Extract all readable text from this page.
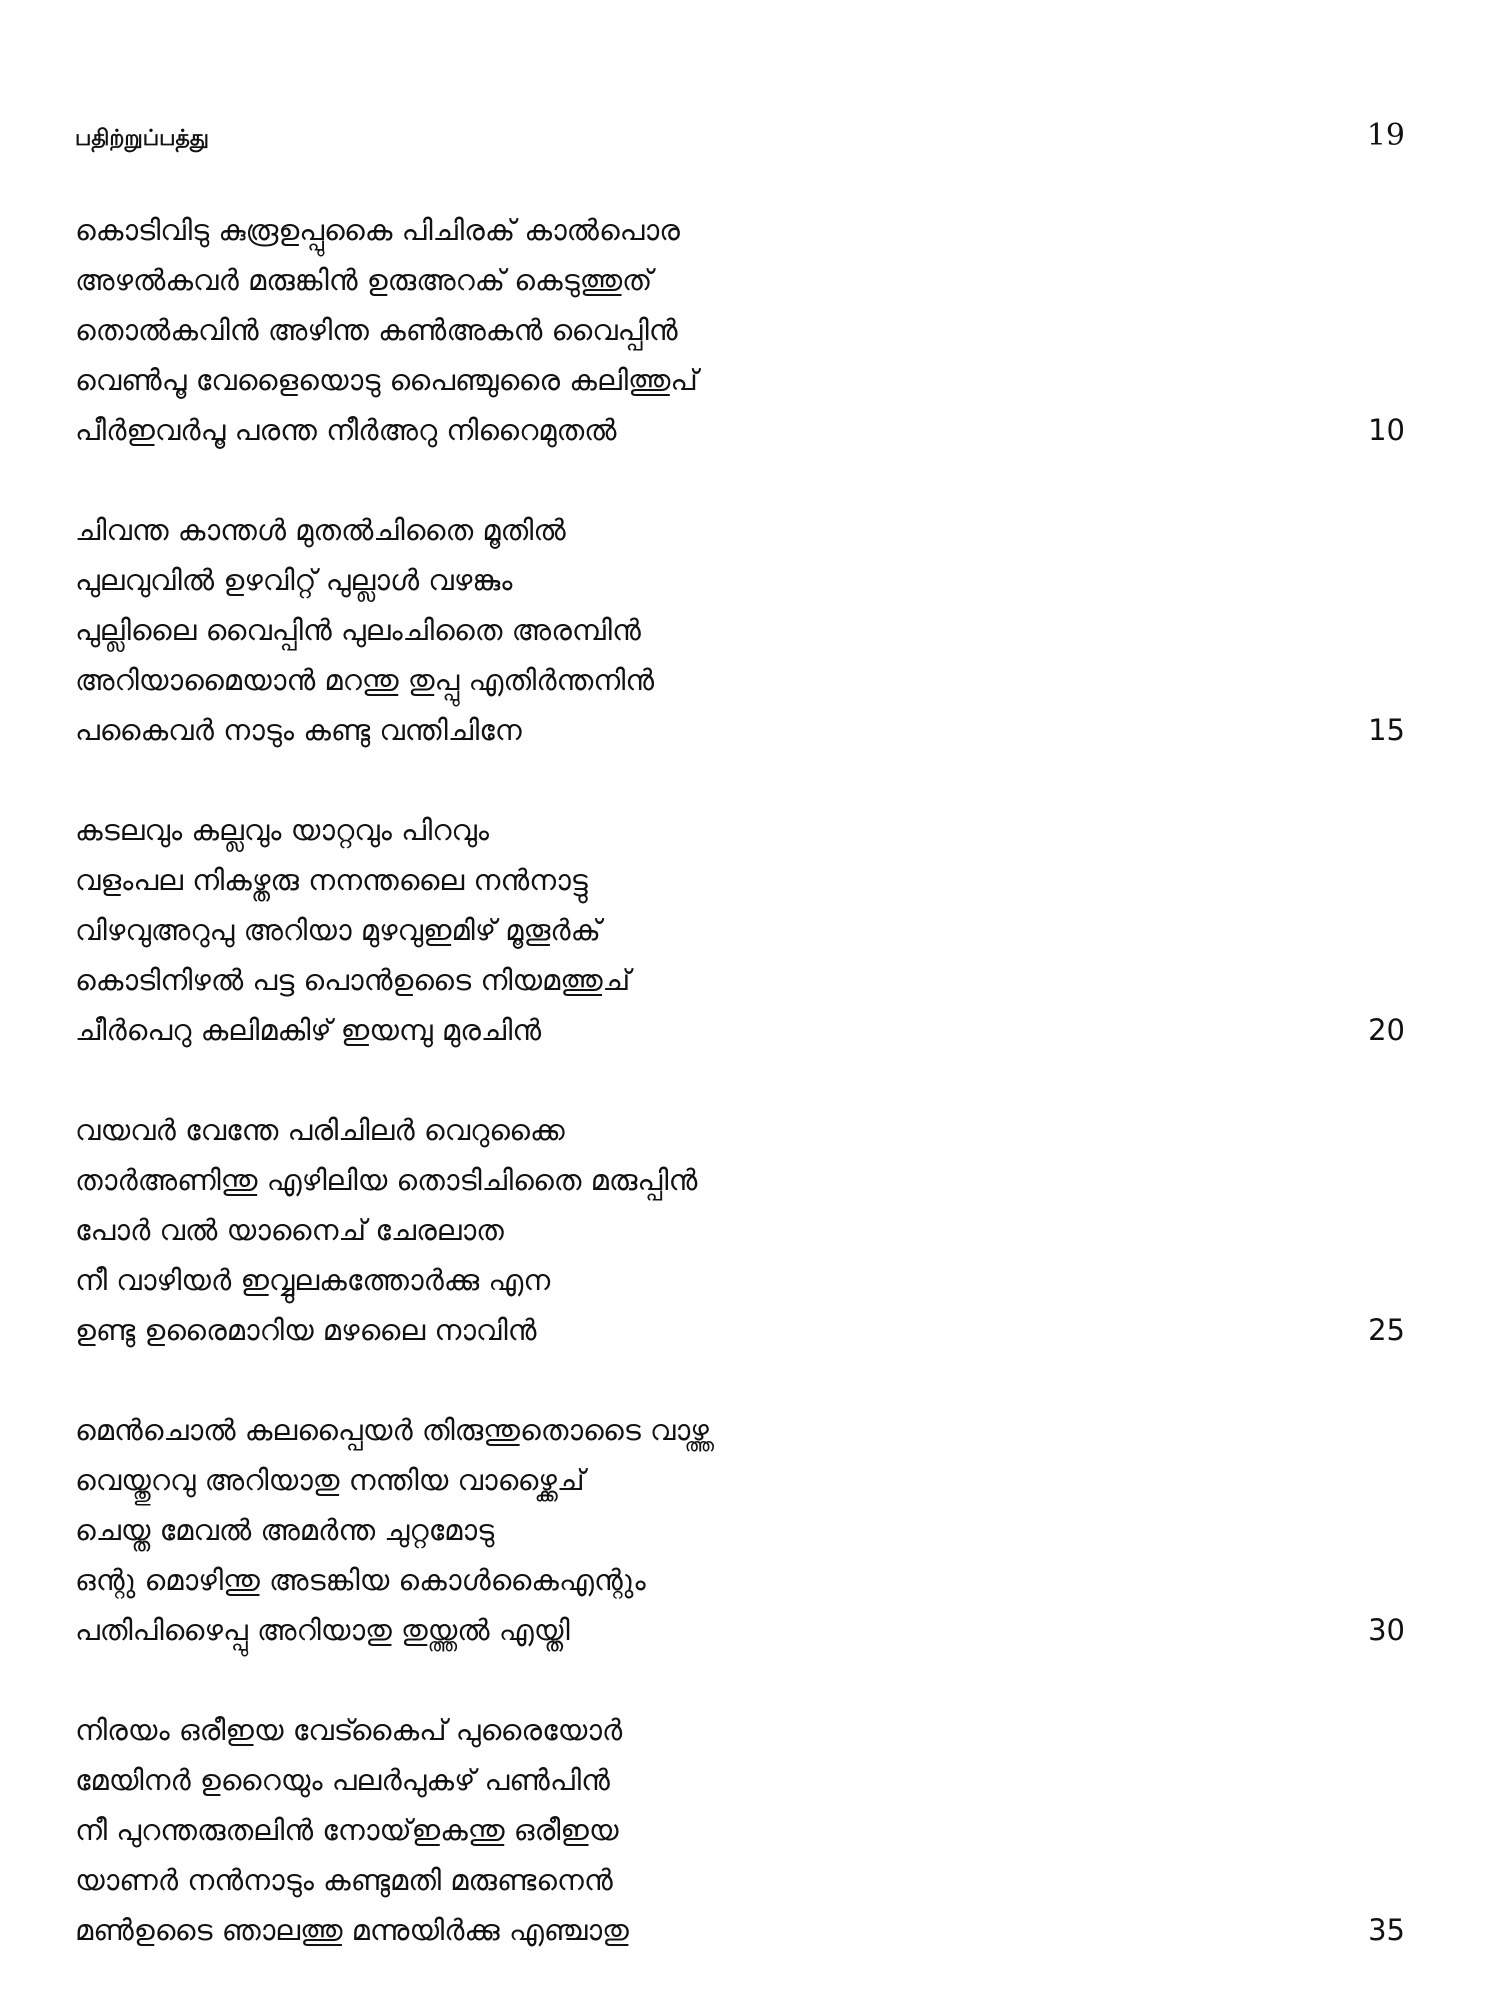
பதிற்றுப்பத்து	19
കൊടിവിടു കുരൂഉപ്പുകൈ പിചിരക് കാൽപൊര
അഴൽകവർ മരുങ്കിൻ ഉരുഅറക് കെടുത്തുത്
തൊൽകവിൻ അഴിന്ത കൺഅകൻ വൈപ്പിൻ
വെൺപൂ വേളൈയൊടു പൈഞ്ചുരൈ കലിത്തുപ്
പീർഇവർപൂ പരന്ത നീർഅറു നിറൈമുതൽ	10
ചിവന്ത കാന്തൾ മുതൽചിതൈ മൂതിൽ
പുലവുവിൽ ഉഴവിറ്റ് പുല്ലാൾ വഴങ്കും
പുല്ലിലൈ വൈപ്പിൻ പുലംചിതൈ അരമ്പിൻ
അറിയാമൈയാൻ മറന്തു തുപ്പു എതിർന്തനിൻ
പകൈവർ നാടും കണ്ടു വന്തിചിനേ	15
കടലവും കല്ലവും യാറ്റവും പിറവും
വളംപല നികഴ്തരു നനന്തലൈ നൻനാട്ടു
വിഴവുഅറുപു അറിയാ മുഴവുഇമിഴ് മൂതൂർക്
കൊടിനിഴൽ പട്ട പൊൻഉടൈ നിയമത്തുച്
ചീർപെറു കലിമകിഴ് ഇയമ്പു മുരചിൻ	20
വയവർ വേന്തേ പരിചിലർ വെറുക്കൈ
താർഅണിന്തു എഴിലിയ തൊടിചിതൈ മരുപ്പിൻ
പോർ വൽ യാനൈച് ചേരലാത
നീ വാഴിയർ ഇവ്വുലകത്തോർക്കു എന
ഉണ്ടു ഉരൈമാറിയ മഴലൈ നാവിൻ	25
മെൻചൊൽ കലപ്പൈയർ തിരുന്തുതൊടൈ വാഴ്ത്ത
വെയ്തുറവു അറിയാതു നന്തിയ വാഴ്ക്കൈച്
ചെയ്ത മേവൽ അമർന്ത ചുറ്റമോടു
ഒന്റു മൊഴിന്തു അടങ്കിയ കൊൾകൈഎന്റും
പതിപിഴൈപ്പു അറിയാതു തുയ്ത്തൽ എയ്തി	30
നിരയം ഒരീഇയ വേട്കൈപ് പുരൈയോർ
മേയിനർ ഉറൈയും പലർപുകഴ് പൺപിൻ
നീ പുറന്തരുതലിൻ നോയ്ഇകന്തു ഒരീഇയ
യാണർ നൻനാടും കണ്ടുമതി മരുണ്ടനെൻ
മൺഉടൈ ഞാലത്തു മന്നുയിർക്കു എഞ്ചാതു	35
